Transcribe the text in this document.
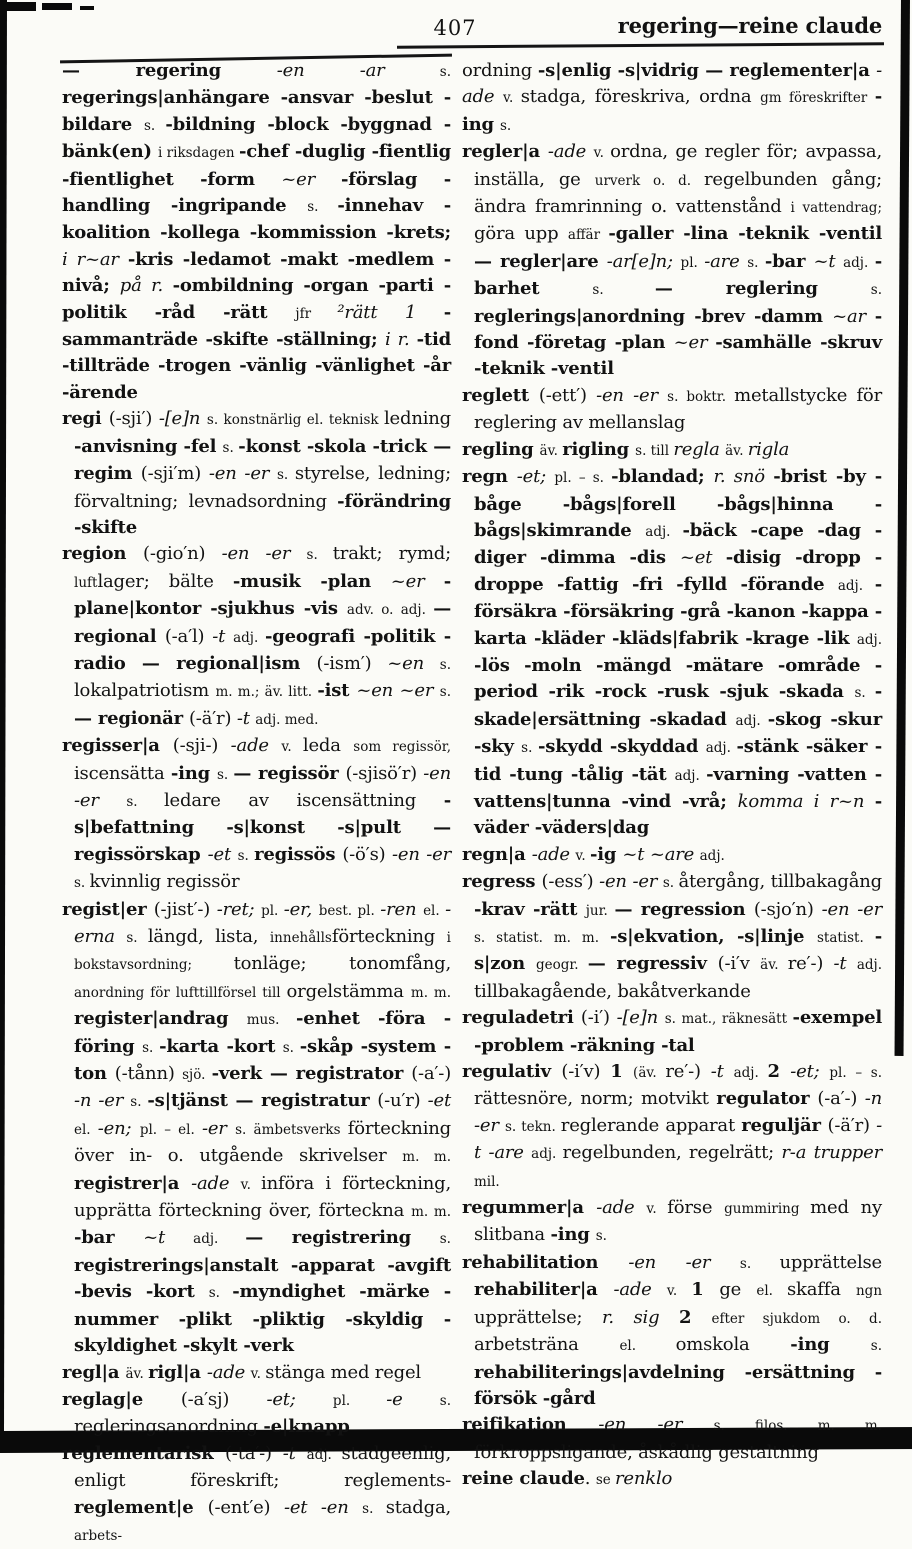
407	regering—reine claude

— regering -en -ar s. regerings|anhängare -ansvar -beslut -bildare s. -bildning -block -byggnad -bänk(en) i riksdagen -chef -duglig -fientlig -fientlighet -form ~er -förslag -handling -ingripande s. -innehav -koalition -kollega -kommission -krets; i r~ar -kris -ledamot -makt -medlem -nivå; på r. -ombildning -organ -parti -politik -råd -rätt jfr ²rätt 1 -sammanträde -skifte -ställning; i r. -tid -tillträde -trogen -vänlig -vänlighet -år -ärende

regi (-sji′) -[e]n s. konstnärlig el. teknisk ledning -anvisning -fel s. -konst -skola -trick — regim (-sji′m) -en -er s. styrelse, ledning; förvaltning; levnadsordning -förändring -skifte

region (-gio′n) -en -er s. trakt; rymd; luftlager; bälte -musik -plan ~er -plane|kontor -sjukhus -vis adv. o. adj. — regional (-a′l) -t adj. -geografi -politik -radio — regional|ism (-ism′) ~en s. lokalpatriotism m. m.; äv. litt. -ist ~en ~er s. — regionär (-ä′r) -t adj. med.

regisser|a (-sji-) -ade v. leda som regissör, iscensätta -ing s. — regissör (-sjisö′r) -en -er s. ledare av iscensättning -s|befattning -s|konst -s|pult — regissörskap -et s. regissös (-ö′s) -en -er s. kvinnlig regissör

regist|er (-jist′-) -ret; pl. -er, best. pl. -ren el. -erna s. längd, lista, innehållsförteckning i bokstavsordning; tonläge; tonomfång, anordning för lufttillförsel till orgelstämma m. m. register|andrag mus. -enhet -föra -föring s. -karta -kort s. -skåp -system -ton (-tånn) sjö. -verk — registrator (-a′-) -n -er s. -s|tjänst — registratur (-u′r) -et el. -en; pl. – el. -er s. ämbetsverks förteckning över in- o. utgående skrivelser m. m. registrer|a -ade v. införa i förteckning, upprätta förteckning över, förteckna m. m. -bar ~t adj. — registrering s. registrerings|anstalt -apparat -avgift -bevis -kort s. -myndighet -märke -nummer -plikt -pliktig -skyldig -skyldighet -skylt -verk

regl|a äv. rigl|a -ade v. stänga med regel

reglag|e (-a′sj) -et; pl. -e s. regleringsanordning -e|knapp

reglementarisk (-ta′-) -t adj. stadgeenlig, enligt föreskrift; reglements- reglement|e (-ent′e) -et -en s. stadga, arbets-

ordning -s|enlig -s|vidrig — reglementer|a -ade v. stadga, föreskriva, ordna gm föreskrifter -ing s.

regler|a -ade v. ordna, ge regler för; avpassa, inställa, ge urverk o. d. regelbunden gång; ändra framrinning o. vattenstånd i vattendrag; göra upp affär -galler -lina -teknik -ventil — regler|are -ar[e]n; pl. -are s. -bar ~t adj. -barhet s. — reglering s. reglerings|anordning -brev -damm ~ar -fond -företag -plan ~er -samhälle -skruv -teknik -ventil

reglett (-ett′) -en -er s. boktr. metallstycke för reglering av mellanslag

regling äv. rigling s. till regla äv. rigla

regn -et; pl. – s. -blandad; r. snö -brist -by -båge -bågs|forell -bågs|hinna -bågs|skimrande adj. -bäck -cape -dag -diger -dimma -dis ~et -disig -dropp -droppe -fattig -fri -fylld -förande adj. -försäkra -försäkring -grå -kanon -kappa -karta -kläder -kläds|fabrik -krage -lik adj. -lös -moln -mängd -mätare -område -period -rik -rock -rusk -sjuk -skada s. -skade|ersättning -skadad adj. -skog -skur -sky s. -skydd -skyddad adj. -stänk -säker -tid -tung -tålig -tät adj. -varning -vatten -vattens|tunna -vind -vrå; komma i r~n -väder -väders|dag

regn|a -ade v. -ig ~t ~are adj.

regress (-ess′) -en -er s. återgång, tillbakagång -krav -rätt jur. — regression (-sjo′n) -en -er s. statist. m. m. -s|ekvation, -s|linje statist. -s|zon geogr. — regressiv (-i′v äv. re′-) -t adj. tillbakagående, bakåtverkande

reguladetri (-i′) -[e]n s. mat., räknesätt -exempel -problem -räkning -tal

regulativ (-i′v) 1 (äv. re′-) -t adj. 2 -et; pl. – s. rättesnöre, norm; motvikt regulator (-a′-) -n -er s. tekn. reglerande apparat reguljär (-ä′r) -t -are adj. regelbunden, regelrätt; r-a trupper mil.

regummer|a -ade v. förse gummiring med ny slitbana -ing s.

rehabilitation -en -er s. upprättelse rehabiliter|a -ade v. 1 ge el. skaffa ngn upprättelse; r. sig 2 efter sjukdom o. d. arbetsträna el. omskola -ing s. rehabiliterings|avdelning -ersättning -försök -gård

reifikation -en -er s. filos. m. m. förkroppsligande, åskådlig gestaltning

reine claude. se renklo
